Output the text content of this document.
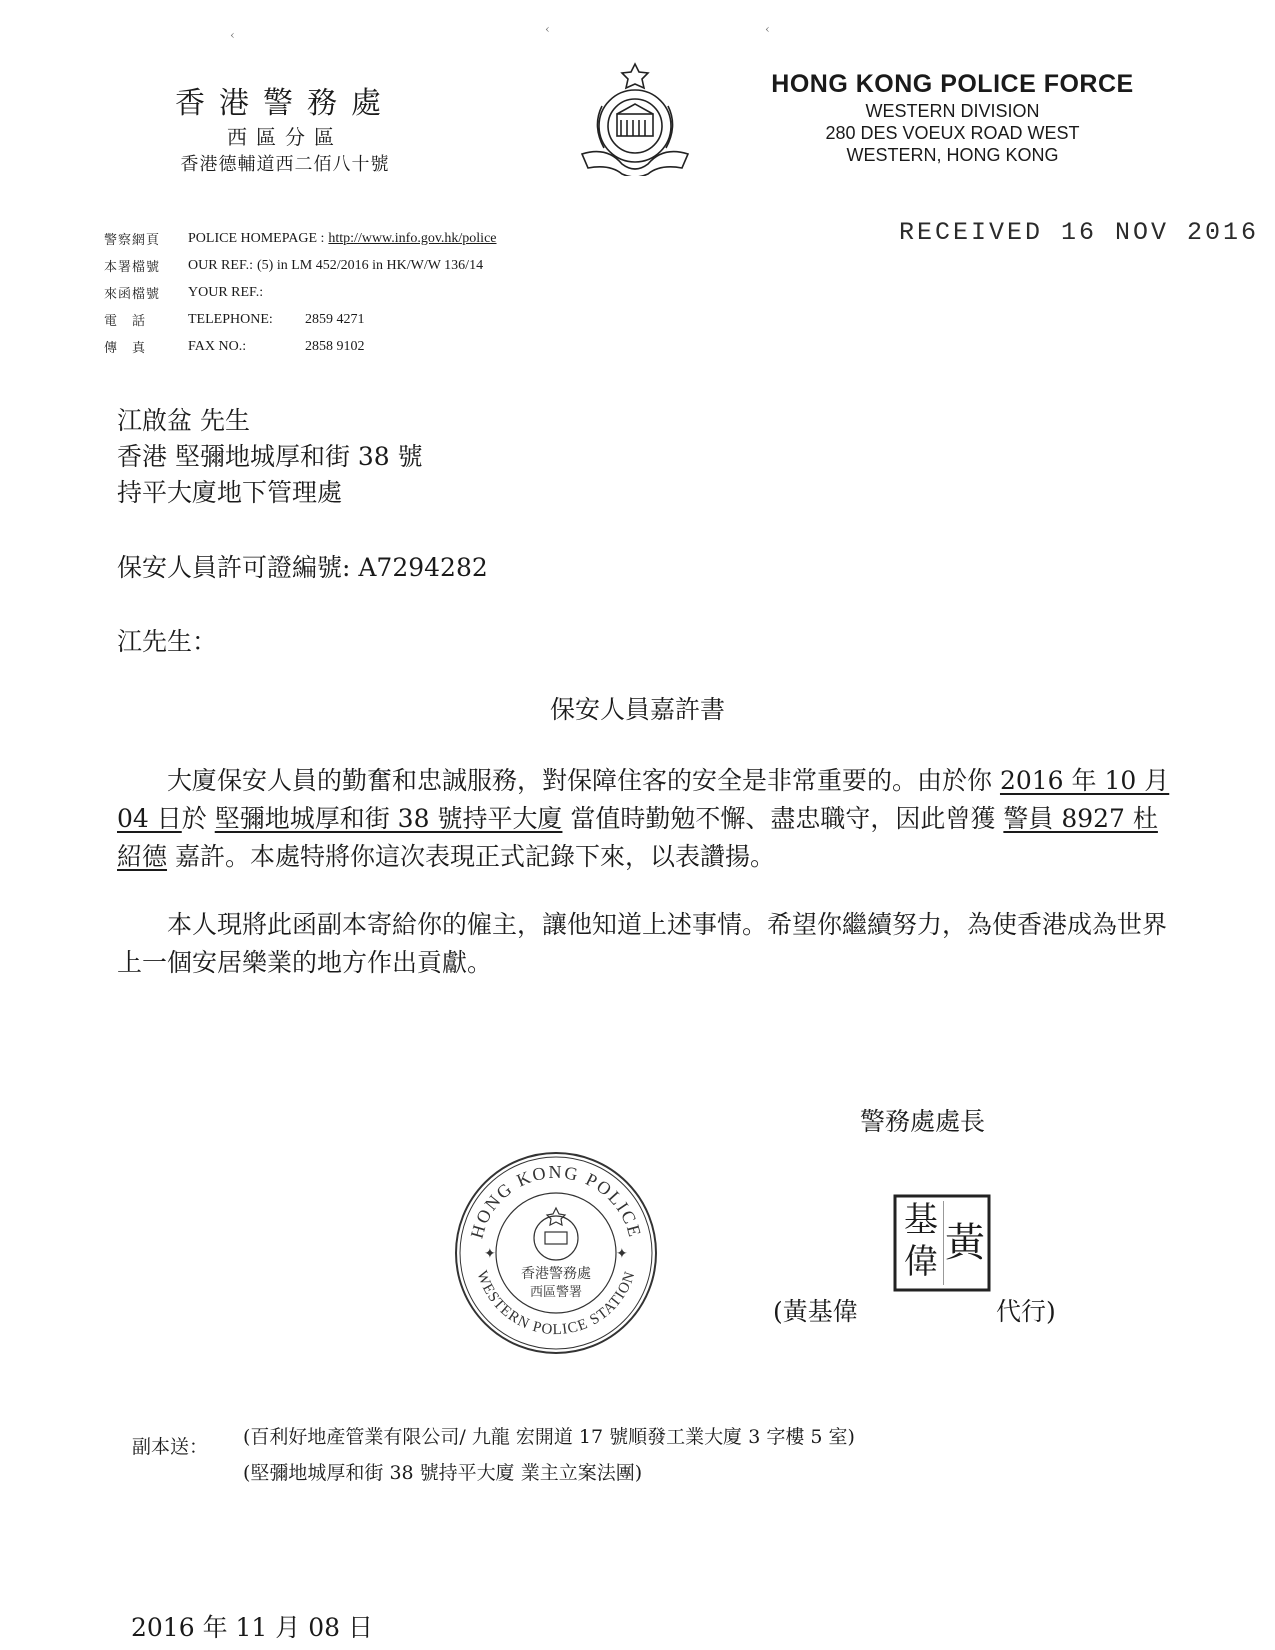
‹	‹	‹
香港警務處
西區分區
香港德輔道西二佰八十號
HONG KONG POLICE FORCE
WESTERN DIVISION
280 DES VOEUX ROAD WEST
WESTERN, HONG KONG
RECEIVED 16 NOV 2016
警察網頁	POLICE HOMEPAGE : http://www.info.gov.hk/police
本署檔號	OUR REF.: (5) in LM 452/2016 in HK/W/W 136/14
來函檔號	YOUR REF.:
電　話	TELEPHONE:	2859 4271
傳　真	FAX NO.:	2858 9102
江啟盆 先生
香港 堅彌地城厚和街 38 號
持平大廈地下管理處
保安人員許可證編號: A7294282
江先生：
保安人員嘉許書
大廈保安人員的勤奮和忠誠服務，對保障住客的安全是非常重要的。由於你 2016 年 10 月 04 日於 堅彌地城厚和街 38 號持平大廈 當值時勤勉不懈、盡忠職守，因此曾獲 警員 8927 杜紹德 嘉許。本處特將你這次表現正式記錄下來，以表讚揚。
本人現將此函副本寄給你的僱主，讓他知道上述事情。希望你繼續努力，為使香港成為世界上一個安居樂業的地方作出貢獻。
警務處處長
黃
基
偉
(黃基偉	代行)
HONG KONG POLICE
WESTERN POLICE STATION
✦	✦
香港警務處
西區警署
副本送： (百利好地產管業有限公司/ 九龍 宏開道 17 號順發工業大廈 3 字樓 5 室)
(堅彌地城厚和街 38 號持平大廈 業主立案法團)
2016 年 11 月 08 日
